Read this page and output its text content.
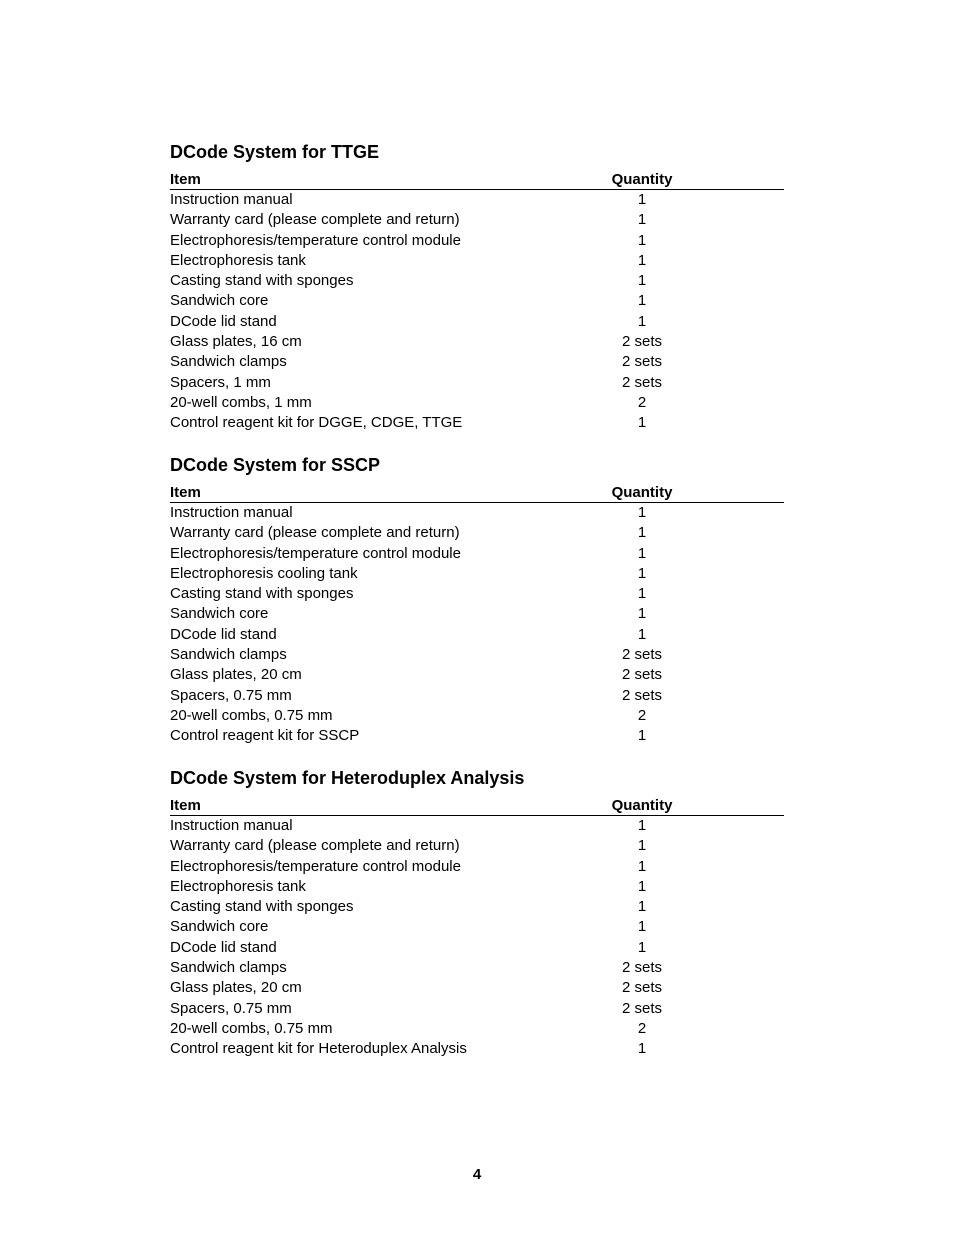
DCode System for TTGE
Item	Quantity
Instruction manual	1
Warranty card (please complete and return)	1
Electrophoresis/temperature control module	1
Electrophoresis tank	1
Casting stand with sponges	1
Sandwich core	1
DCode lid stand	1
Glass plates, 16 cm	2 sets
Sandwich clamps	2 sets
Spacers, 1 mm	2 sets
20-well combs, 1 mm	2
Control reagent kit for DGGE, CDGE, TTGE	1
DCode System for SSCP
Item	Quantity
Instruction manual	1
Warranty card (please complete and return)	1
Electrophoresis/temperature control module	1
Electrophoresis cooling tank	1
Casting stand with sponges	1
Sandwich core	1
DCode lid stand	1
Sandwich clamps	2 sets
Glass plates, 20 cm	2 sets
Spacers, 0.75 mm	2 sets
20-well combs, 0.75 mm	2
Control reagent kit for SSCP	1
DCode System for Heteroduplex Analysis
Item	Quantity
Instruction manual	1
Warranty card (please complete and return)	1
Electrophoresis/temperature control module	1
Electrophoresis tank	1
Casting stand with sponges	1
Sandwich core	1
DCode lid stand	1
Sandwich clamps	2 sets
Glass plates, 20 cm	2 sets
Spacers, 0.75 mm	2 sets
20-well combs, 0.75 mm	2
Control reagent kit for Heteroduplex Analysis	1
4
